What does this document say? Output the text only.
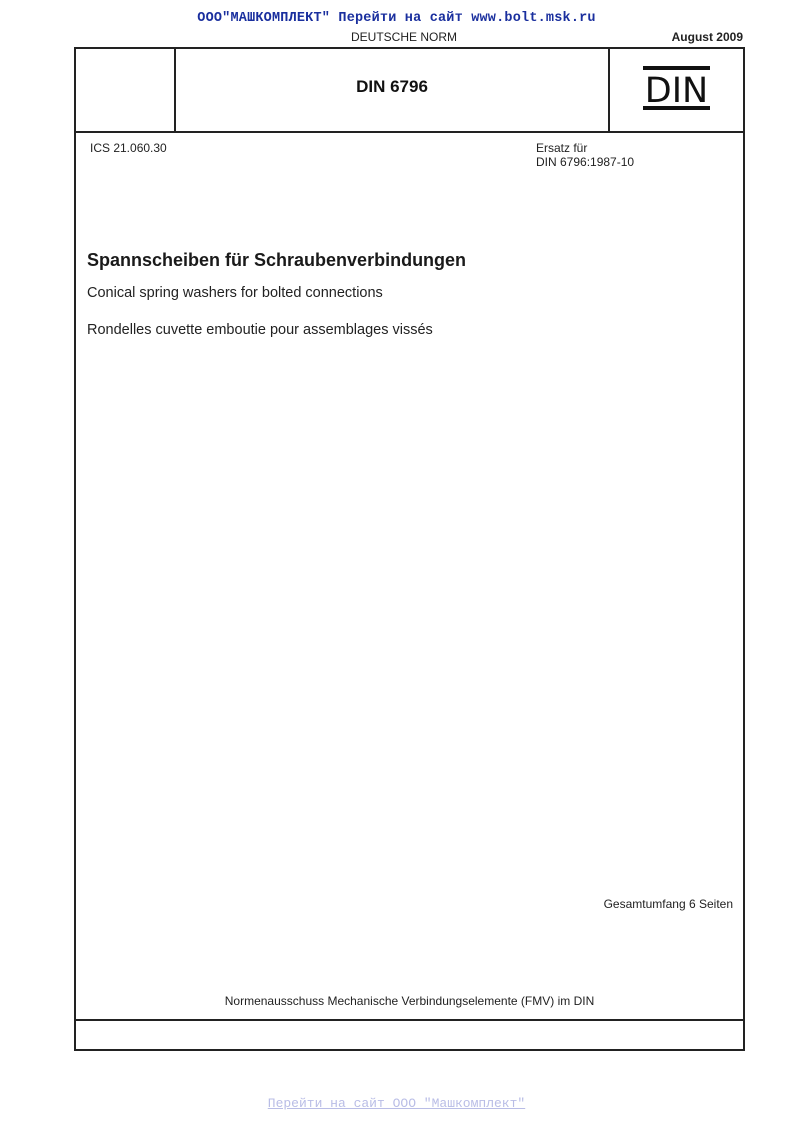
ООО"МАШКОМПЛЕКТ" Перейти на сайт www.bolt.msk.ru
DEUTSCHE NORM	August 2009
DIN 6796	DIN
ICS 21.060.30	Ersatz für
DIN 6796:1987-10
Spannscheiben für Schraubenverbindungen
Conical spring washers for bolted connections
Rondelles cuvette emboutie pour assemblages vissés
Gesamtumfang 6 Seiten
Normenausschuss Mechanische Verbindungselemente (FMV) im DIN
Перейти на сайт ООО "Машкомплект"
